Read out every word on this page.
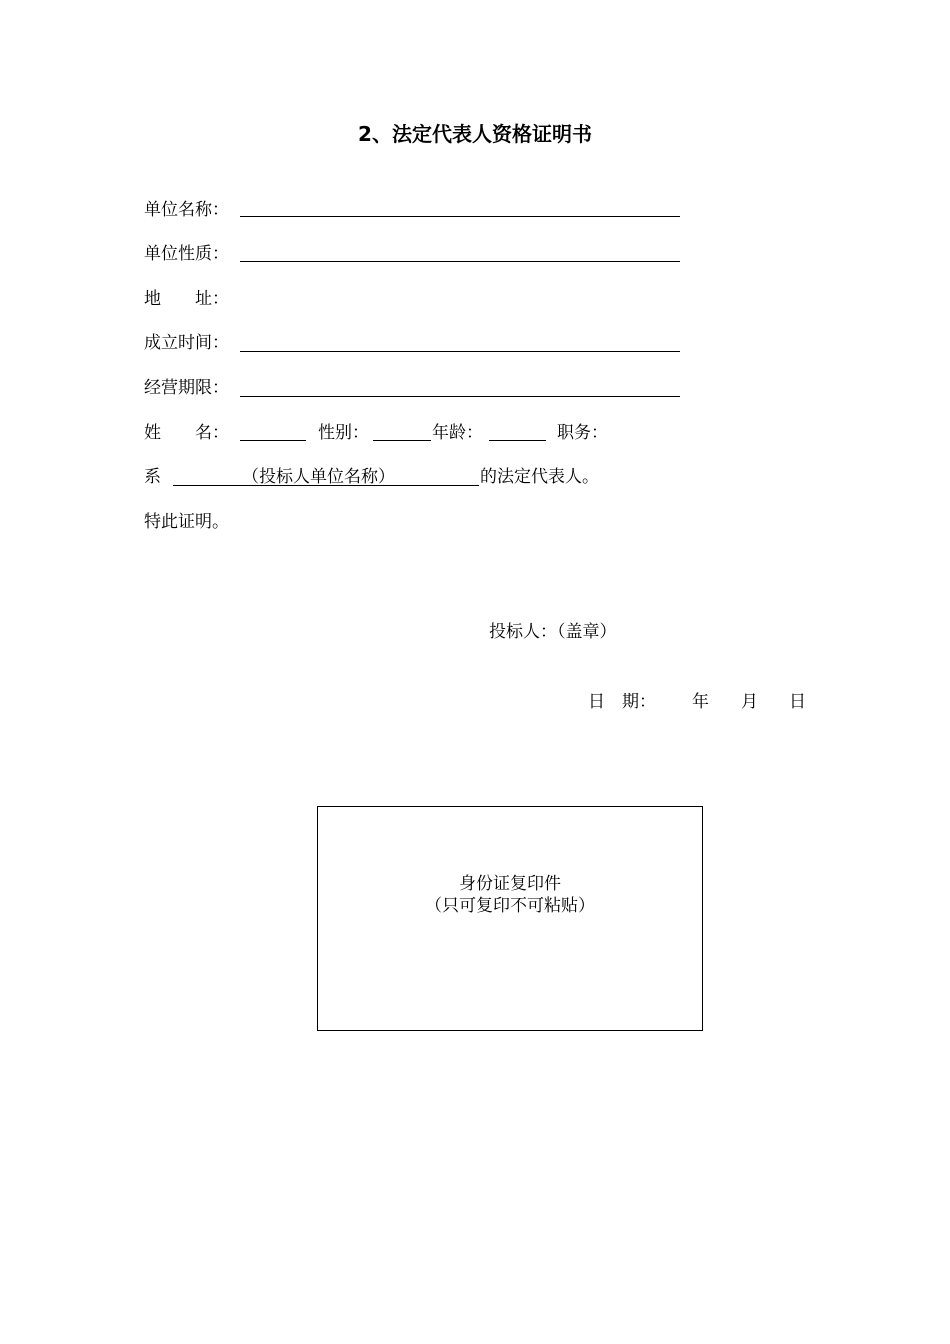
2、法定代表人资格证明书
单位名称：
单位性质：
地　　址：
成立时间：
经营期限：
姓　　名：	性别：	年龄：	职务：
系	（投标人单位名称）	的法定代表人。
特此证明。
投标人：（盖章）
日　期： 年 月 日
身份证复印件
（只可复印不可粘贴）
